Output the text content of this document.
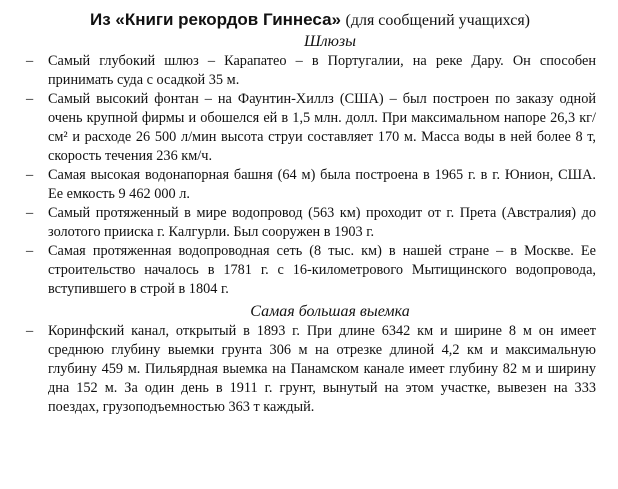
Из «Книги рекордов Гиннеса» (для сообщений учащихся)

Шлюзы

– Самый глубокий шлюз – Карапатео – в Португалии, на реке Дару. Он способен принимать суда с осадкой 35 м.

– Самый высокий фонтан – на Фаунтин-Хиллз (США) – был построен по заказу одной очень крупной фирмы и обошелся ей в 1,5 млн. долл. При максимальном напоре 26,3 кг/см² и расходе 26 500 л/мин высота струи составляет 170 м. Масса воды в ней более 8 т, скорость течения 236 км/ч.

– Самая высокая водонапорная башня (64 м) была построена в 1965 г. в г. Юнион, США. Ее емкость 9 462 000 л.

– Самый протяженный в мире водопровод (563 км) проходит от г. Прета (Австралия) до золотого прииска г. Калгурли. Был сооружен в 1903 г.

– Самая протяженная водопроводная сеть (8 тыс. км) в нашей стране – в Москве. Ее строительство началось в 1781 г. с 16-километрового Мытищинского водопровода, вступившего в строй в 1804 г.

Самая большая выемка

– Коринфский канал, открытый в 1893 г. При длине 6342 км и ширине 8 м он имеет среднюю глубину выемки грунта 306 м на отрезке длиной 4,2 км и максимальную глубину 459 м. Пильярдная выемка на Панамском канале имеет глубину 82 м и ширину дна 152 м. За один день в 1911 г. грунт, вынутый на этом участке, вывезен на 333 поездах, грузоподъемностью 363 т каждый.
